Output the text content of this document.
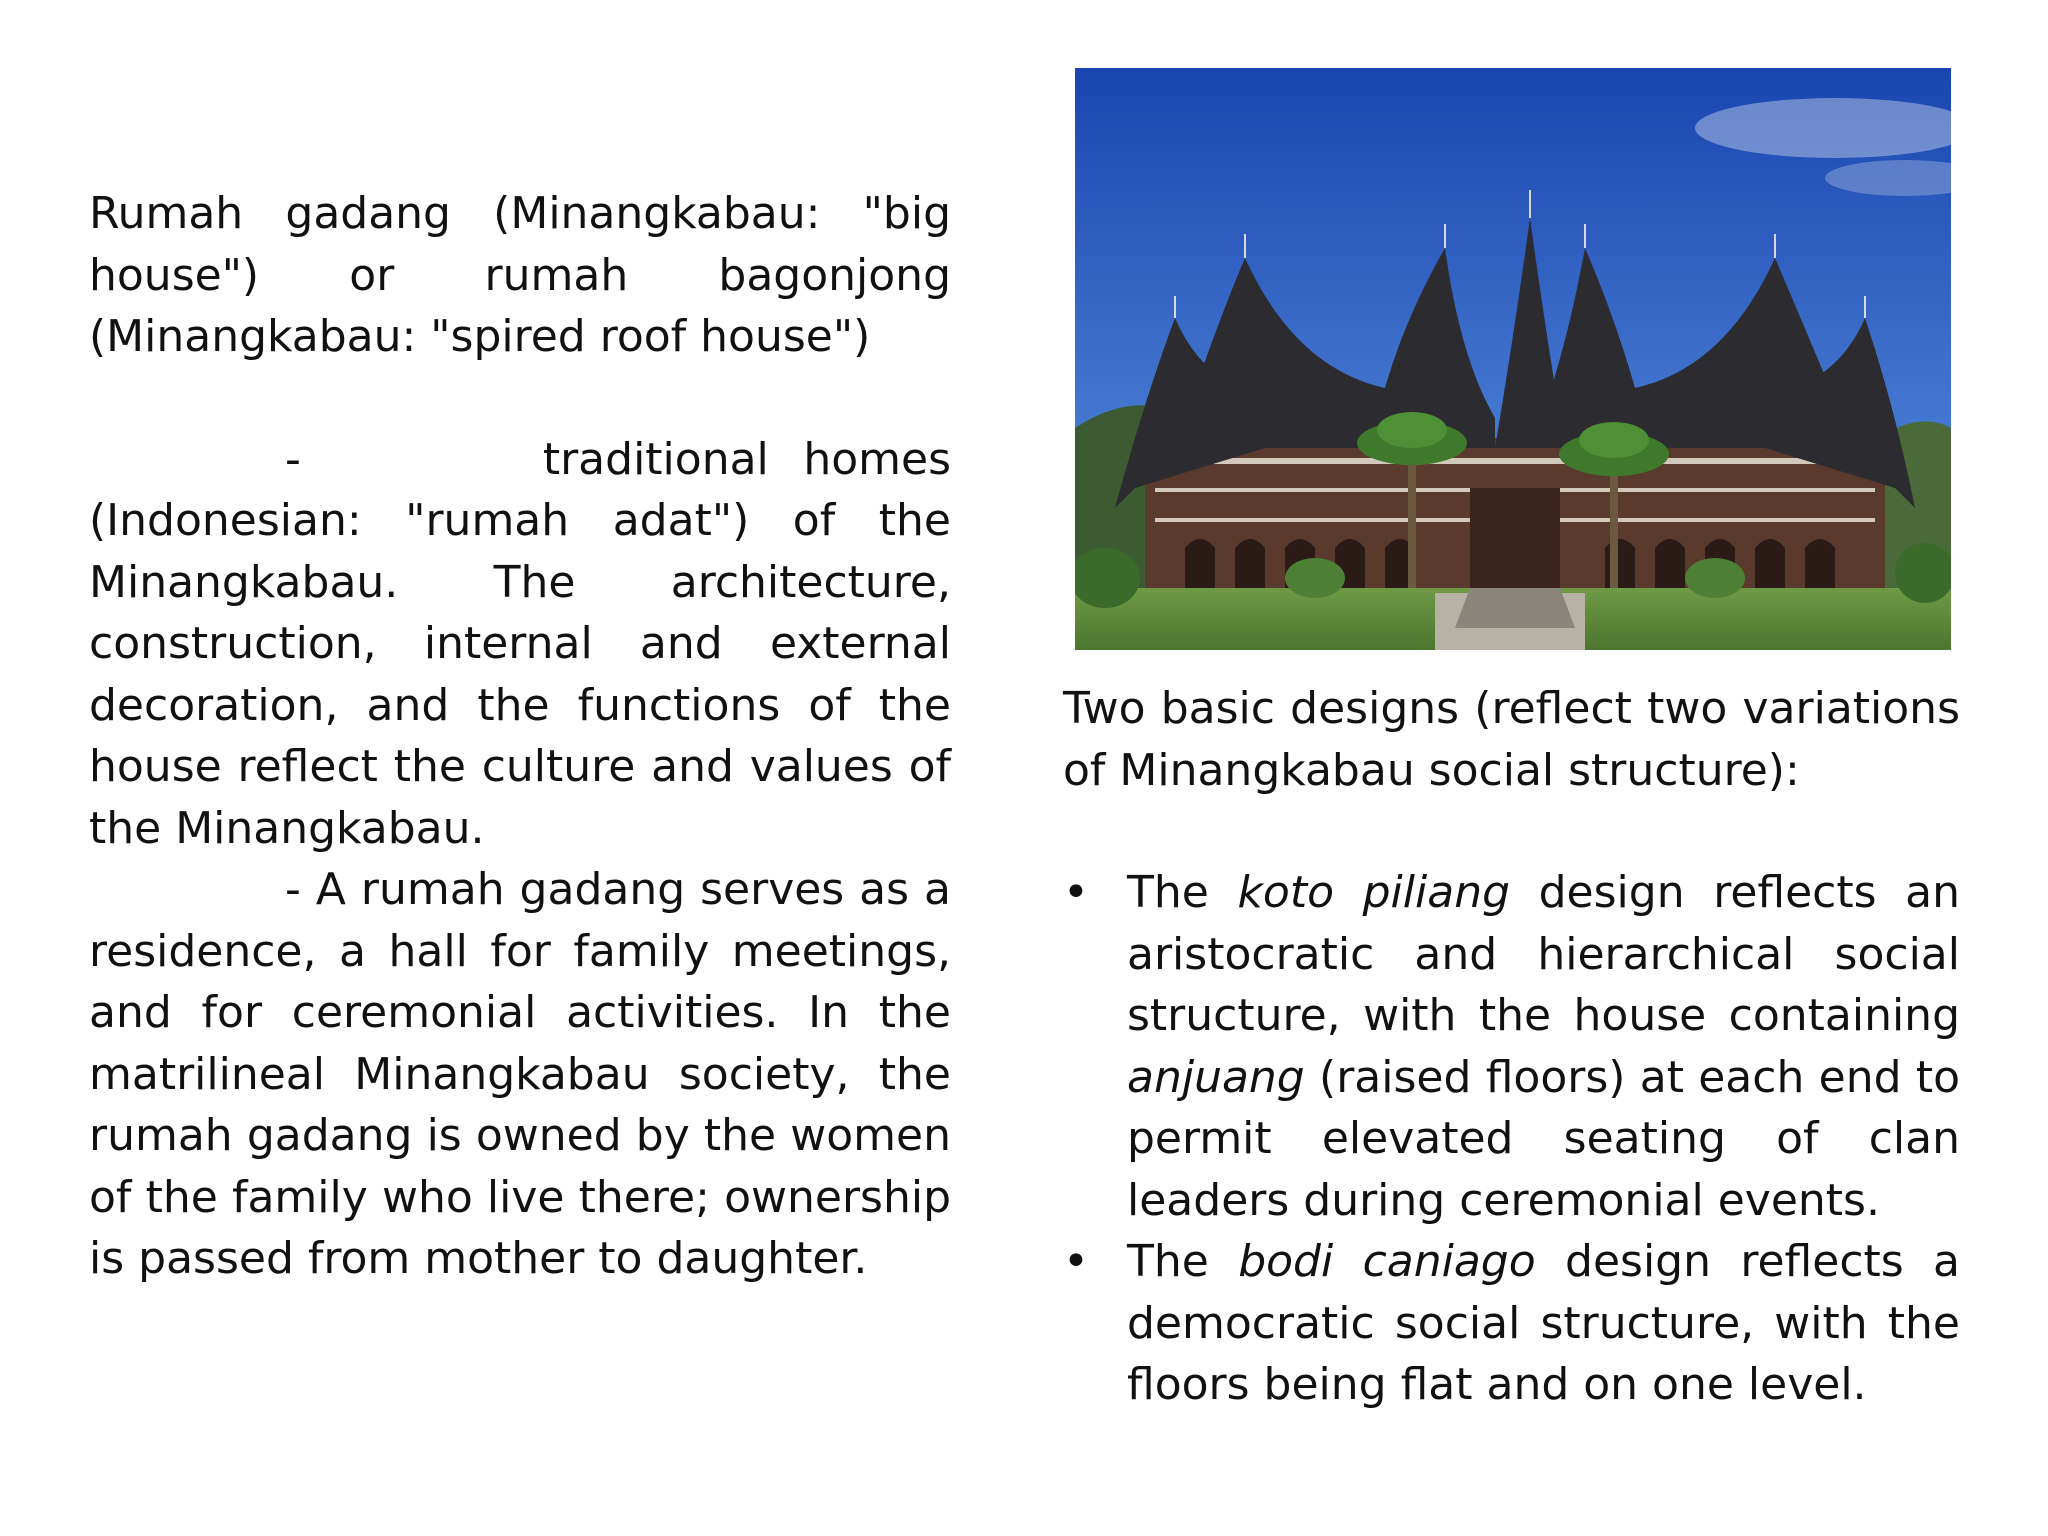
Rumah gadang (Minangkabau: "big house") or rumah bagonjong (Minangkabau: "spired roof house")

-	traditional homes (Indonesian: "rumah adat") of the Minangkabau. The architecture, construction, internal and external decoration, and the functions of the house reflect the culture and values of the Minangkabau.

- A rumah gadang serves as a residence, a hall for family meetings, and for ceremonial activities. In the matrilineal Minangkabau society, the rumah gadang is owned by the women of the family who live there; ownership is passed from mother to daughter.

Two basic designs (reflect two variations of Minangkabau social structure):

• The koto piliang design reflects an aristocratic and hierarchical social structure, with the house containing anjuang (raised floors) at each end to permit elevated seating of clan leaders during ceremonial events.
• The bodi caniago design reflects a democratic social structure, with the floors being flat and on one level.
